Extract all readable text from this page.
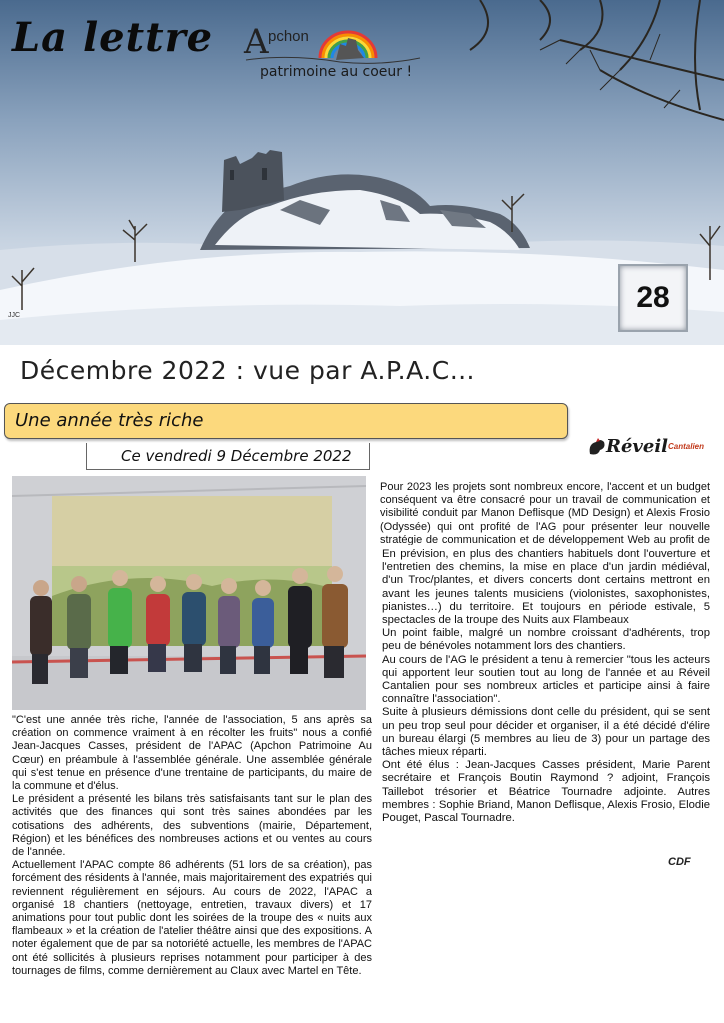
La lettre A pchon
patrimoine au coeur !
JJC
28
Décembre 2022 : vue par A.P.A.C…
Une année très riche
Ce vendredi 9 Décembre 2022	Réveil Cantalien

"C'est une année très riche, l'année de l'association, 5 ans après sa création on commence vraiment à en récolter les fruits" nous a confié Jean-Jacques Casses, président de l'APAC (Apchon Patrimoine Au Cœur) en préambule à l'assemblée générale. Une assemblée générale qui s'est tenue en présence d'une trentaine de participants, du maire de la commune et d'élus.

Le président a présenté les bilans très satisfaisants tant sur le plan des activités que des finances qui sont très saines abondées par les cotisations des adhérents, des subventions (mairie, Département, Région) et les bénéfices des nombreuses actions et ou ventes au cours de l'année.

Actuellement l'APAC compte 86 adhérents (51 lors de sa création), pas forcément des résidents à l'année, mais majoritairement des expatriés qui reviennent régulièrement en séjours. Au cours de 2022, l'APAC a organisé 18 chantiers (nettoyage, entretien, travaux divers) et 17 animations pour tout public dont les soirées de la troupe des « nuits aux flambeaux » et la création de l'atelier théâtre ainsi que des expositions. A noter également que de par sa notoriété actuelle, les membres de l'APAC ont été sollicités à plusieurs reprises notamment pour participer à des tournages de films, comme dernièrement au Claux avec Martel en Tête.

Pour 2023 les projets sont nombreux encore, l'accent et un budget conséquent va être consacré pour un travail de communication et visibilité conduit par Manon Deflisque (MD Design) et Alexis Frosio (Odyssée) qui ont profité de l'AG pour présenter leur nouvelle stratégie de communication et de développement Web au profit de

En prévision, en plus des chantiers habituels dont l'ouverture et l'entretien des chemins, la mise en place d'un jardin médiéval, d'un Troc/plantes, et divers concerts dont certains mettront en avant les jeunes talents musiciens (violonistes, saxophonistes, pianistes…) du territoire. Et toujours en période estivale, 5 spectacles de la troupe des Nuits aux Flambeaux

Un point faible, malgré un nombre croissant d'adhérents, trop peu de bénévoles notamment lors des chantiers.

Au cours de l'AG le président a tenu à remercier "tous les acteurs qui apportent leur soutien tout au long de l'année et au Réveil Cantalien pour ses nombreux articles et participe ainsi à faire connaître l'association".

Suite à plusieurs démissions dont celle du président, qui se sent un peu trop seul pour décider et organiser, il a été décidé d'élire un bureau élargi (5 membres au lieu de 3) pour un partage des tâches mieux réparti.

Ont été élus : Jean-Jacques Casses président, Marie Parent secrétaire et François Boutin Raymond ? adjoint, François Taillebot trésorier et Béatrice Tournadre adjointe. Autres membres : Sophie Briand, Manon Deflisque, Alexis Frosio, Elodie Pouget, Pascal Tournadre.

CDF
